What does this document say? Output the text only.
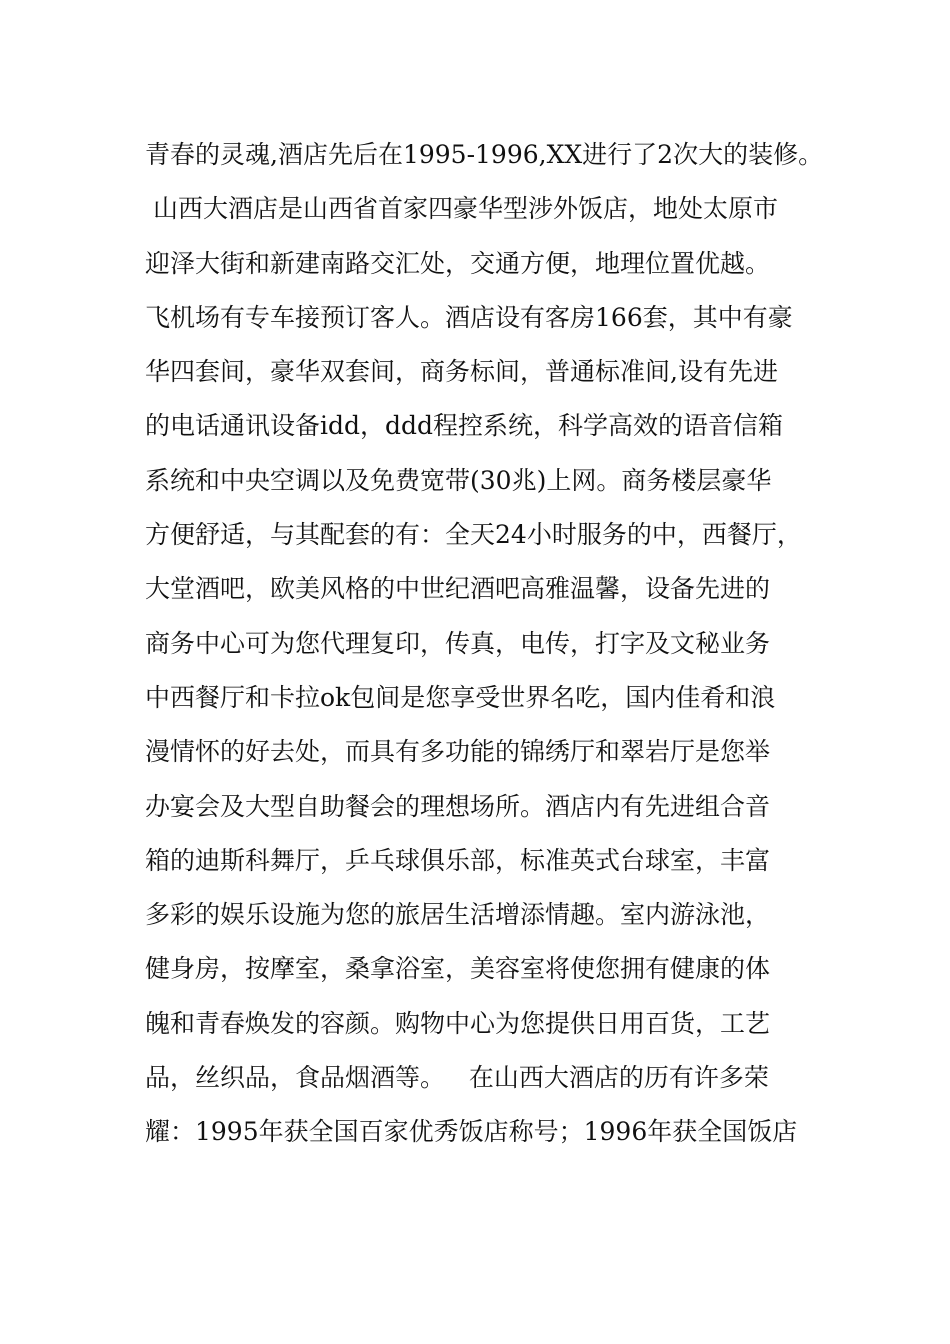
青春的灵魂,酒店先后在1995-1996,XX进行了2次大的装修。
山西大酒店是山西省首家四豪华型涉外饭店，地处太原市
迎泽大街和新建南路交汇处，交通方便，地理位置优越。
飞机场有专车接预订客人。酒店设有客房166套，其中有豪
华四套间，豪华双套间，商务标间，普通标准间,设有先进
的电话通讯设备idd，ddd程控系统，科学高效的语音信箱
系统和中央空调以及免费宽带(30兆)上网。商务楼层豪华
方便舒适，与其配套的有：全天24小时服务的中，西餐厅，
大堂酒吧，欧美风格的中世纪酒吧高雅温馨，设备先进的
商务中心可为您代理复印，传真，电传，打字及文秘业务
中西餐厅和卡拉ok包间是您享受世界名吃，国内佳肴和浪
漫情怀的好去处，而具有多功能的锦绣厅和翠岩厅是您举
办宴会及大型自助餐会的理想场所。酒店内有先进组合音
箱的迪斯科舞厅，乒乓球俱乐部，标准英式台球室，丰富
多彩的娱乐设施为您的旅居生活增添情趣。室内游泳池，
健身房，按摩室，桑拿浴室，美容室将使您拥有健康的体
魄和青春焕发的容颜。购物中心为您提供日用百货，工艺
品，丝织品，食品烟酒等。   在山西大酒店的历有许多荣
耀：1995年获全国百家优秀饭店称号；1996年获全国饭店
